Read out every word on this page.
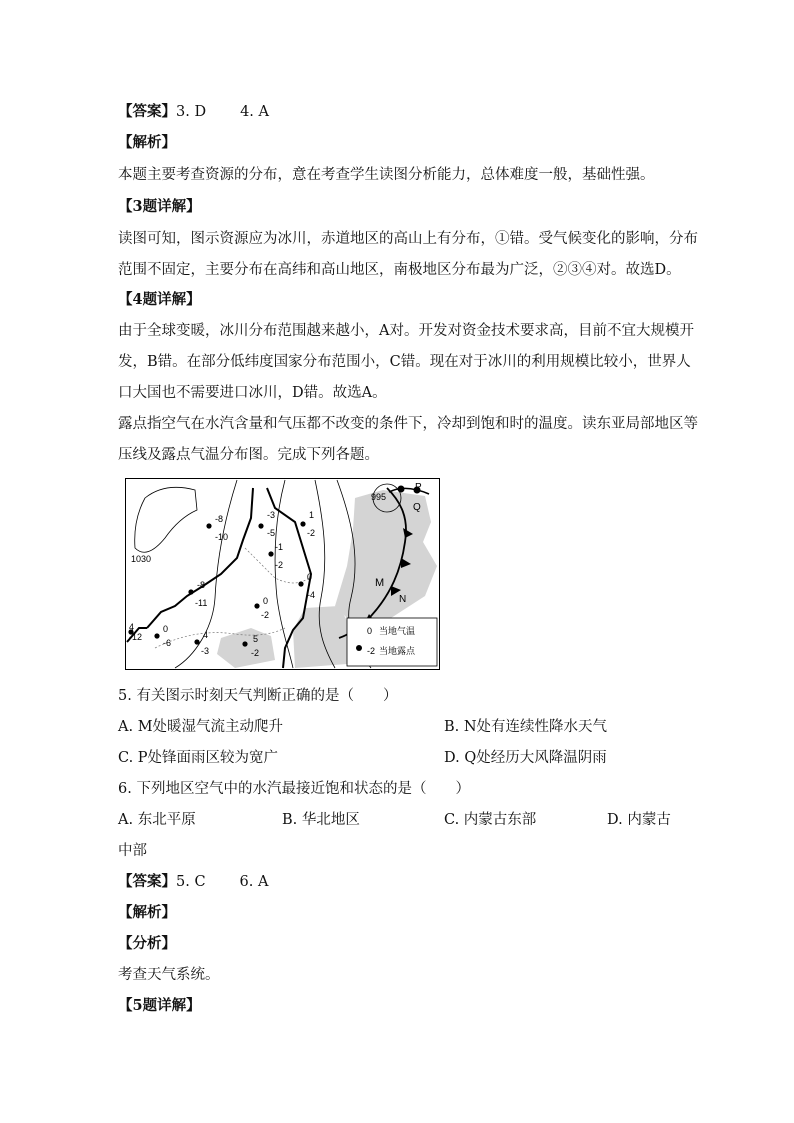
【答案】3. D 4. A
【解析】
本题主要考查资源的分布，意在考查学生读图分析能力，总体难度一般，基础性强。
【3题详解】
读图可知，图示资源应为冰川，赤道地区的高山上有分布，①错。受气候变化的影响，分布
范围不固定，主要分布在高纬和高山地区，南极地区分布最为广泛，②③④对。故选D。
【4题详解】
由于全球变暖，冰川分布范围越来越小，A对。开发对资金技术要求高，目前不宜大规模开
发，B错。在部分低纬度国家分布范围小，C错。现在对于冰川的利用规模比较小，世界人
口大国也不需要进口冰川，D错。故选A。
露点指空气在水汽含量和气压都不改变的条件下，冷却到饱和时的温度。读东亚局部地区等
压线及露点气温分布图。完成下列各题。
1030
995
P
Q
M
N
-8
-10
-3
-5
-1
-2
1
-2
-8
-11
0
-4
0
-2
4
-12
0
-6
4
-3
5
-2
0 当地气温
-2 当地露点
5. 有关图示时刻天气判断正确的是（　　）
A. M处暖湿气流主动爬升	B. N处有连续性降水天气
C. P处锋面雨区较为宽广	D. Q处经历大风降温阴雨
6. 下列地区空气中的水汽最接近饱和状态的是（　　）
A. 东北平原	B. 华北地区	C. 内蒙古东部	D. 内蒙古
中部
【答案】5. C 6. A
【解析】
【分析】
考查天气系统。
【5题详解】
